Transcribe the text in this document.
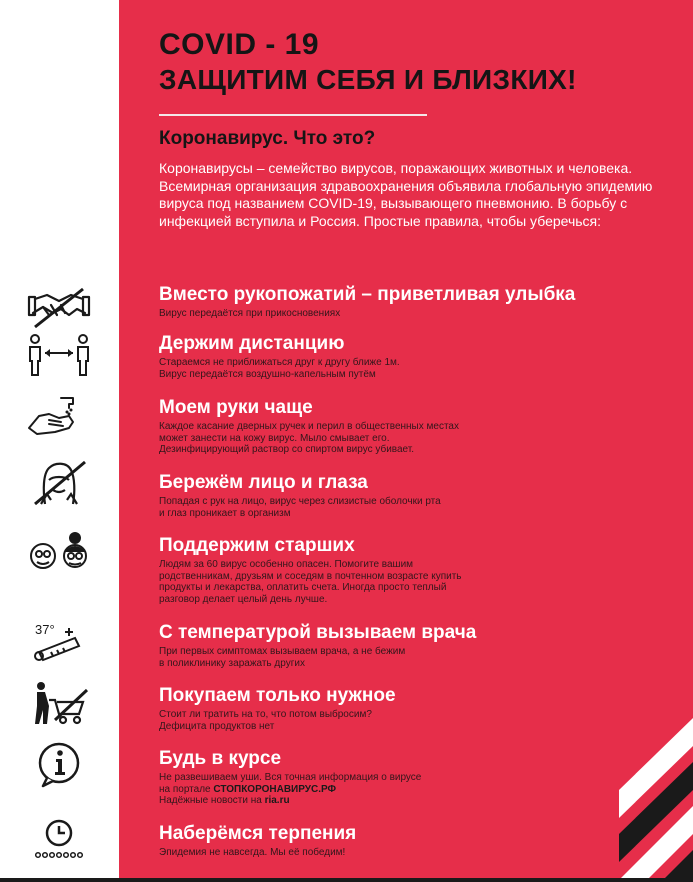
37°
COVID - 19
ЗАЩИТИМ СЕБЯ И БЛИЗКИХ!
Коронавирус. Что это?

Коронавирусы – семейство вирусов, поражающих животных и человека. Всемирная организация здравоохранения объявила глобальную эпидемию вируса под названием COVID-19, вызывающего пневмонию. В борьбу с инфекцией вступила и Россия. Простые правила, чтобы уберечься:

Вместо рукопожатий – приветливая улыбка
Вирус передаётся при прикосновениях
Держим дистанцию
Стараемся не приближаться друг к другу ближе 1м.
Вирус передаётся воздушно-капельным путём
Моем руки чаще
Каждое касание дверных ручек и перил в общественных местах
может занести на кожу вирус. Мыло смывает его.
Дезинфицирующий раствор со спиртом вирус убивает.
Бережём лицо и глаза
Попадая с рук на лицо, вирус через слизистые оболочки рта
и глаз проникает в организм
Поддержим старших
Людям за 60 вирус особенно опасен. Помогите вашим
родственникам, друзьям и соседям в почтенном возрасте купить
продукты и лекарства, оплатить счета. Иногда просто теплый
разговор делает целый день лучше.
С температурой вызываем врача
При первых симптомах вызываем врача, а не бежим
в поликлинику заражать других
Покупаем только нужное
Стоит ли тратить на то, что потом выбросим?
Дефицита продуктов нет
Будь в курсе
Не развешиваем уши. Вся точная информация о вирусе
на портале СТОПКОРОНАВИРУС.РФ
Надёжные новости на ria.ru
Наберёмся терпения
Эпидемия не навсегда. Мы её победим!
